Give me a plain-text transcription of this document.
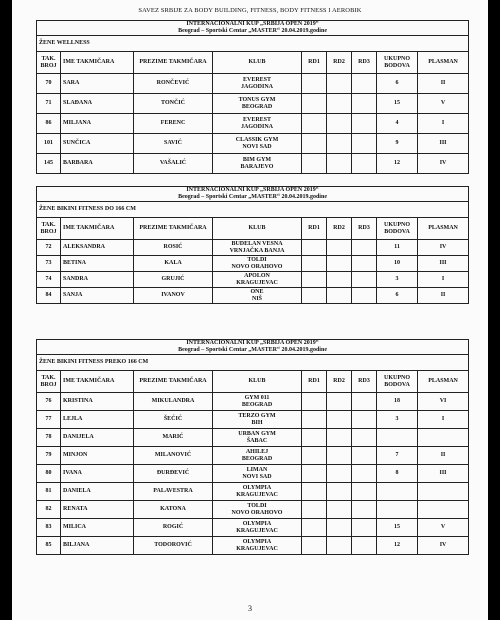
SAVEZ SRBIJE ZA BODY BUILDING, FITNESS, BODY FITNESS I AEROBIK
INTERNACIONALNI KUP „SRBIJA OPEN 2019“
Beograd – Sportski Centar „MASTER“ 20.04.2019.godine								

ŽENE WELLNESS								
TAK. BROJ	IME TAKMIČARA	PREZIME TAKMIČARA	KLUB	RD1	RD2	RD3	UKUPNO BODOVA	PLASMAN
70	SARA	RONČEVIĆ	EVEREST
JAGODINA				6	II
71	SLAĐANA	TONČIĆ	TONUS GYM
BEOGRAD				15	V
86	MILJANA	FERENC	EVEREST
JAGODINA				4	I
101	SUNČICA	SAVIĆ	CLASSIK GYM
NOVI SAD				9	III
145	BARBARA	VAŠALIĆ	BIM GYM
BARAJEVO				12	IV
INTERNACIONALNI KUP „SRBIJA OPEN 2019“
Beograd – Sportski Centar „MASTER“ 20.04.2019.godine								

ŽENE BIKINI FITNESS DO 166 CM								
TAK. BROJ	IME TAKMIČARA	PREZIME TAKMIČARA	KLUB	RD1	RD2	RD3	UKUPNO BODOVA	PLASMAN
72	ALEKSANDRA	ROSIĆ	BUDELAN VESNA
VRNJAČKA BANJA				11	IV
73	BETINA	KALA	TOLDI
NOVO ORAHOVO				10	III
74	SANDRA	GRUJIĆ	APOLON
KRAGUJEVAC				3	I
84	SANJA	IVANOV	ONE
NIŠ				6	II
INTERNACIONALNI KUP „SRBIJA OPEN 2019“
Beograd – Sportski Centar „MASTER“ 20.04.2019.godine								

ŽENE BIKINI FITNESS PREKO 166 CM								
TAK. BROJ	IME TAKMIČARA	PREZIME TAKMIČARA	KLUB	RD1	RD2	RD3	UKUPNO BODOVA	PLASMAN
76	KRISTINA	MIKULANDRA	GYM 011
BEOGRAD				18	VI
77	LEJLA	ŠEĆIĆ	TERZO GYM
BIH				3	I
78	DANIJELA	MARIĆ	URBAN GYM
ŠABAC					

79	MINJON	MILANOVIĆ	AHILEJ
BEOGRAD				7	II
80	IVANA	ĐURĐEVIĆ	LIMAN
NOVI SAD				8	III
81	DANIELA	PALAVESTRA	OLYMPIA
KRAGUJEVAC					

82	RENATA	KATONA	TOLDI
NOVO ORAHOVO					

83	MILICA	ROGIĆ	OLYMPIA
KRAGUJEVAC				15	V
85	BILJANA	TODOROVIĆ	OLYMPIA
KRAGUJEVAC				12	IV
3
